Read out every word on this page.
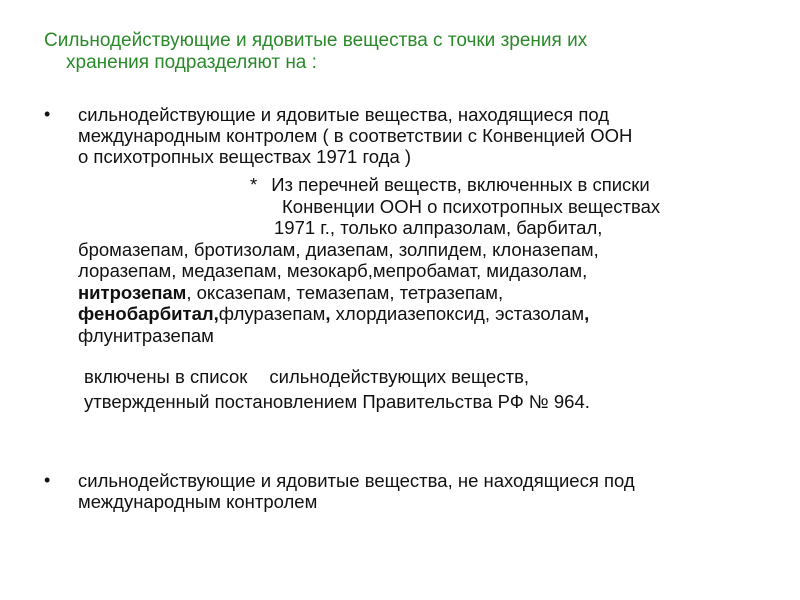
Сильнодействующие и ядовитые вещества с точки зрения их
хранения подразделяют на :
• сильнодействующие и ядовитые вещества, находящиеся под
международным контролем ( в соответствии с Конвенцией ООН
о психотропных веществах 1971 года )
* Из перечней веществ, включенных в списки
Конвенции ООН о психотропных веществах
1971 г., только алпразолам, барбитал,
бромазепам, бротизолам, диазепам, золпидем, клоназепам,
лоразепам, медазепам, мезокарб,мепробамат, мидазолам,
нитрозепам, оксазепам, темазепам, тетразепам,
фенобарбитал,флуразепам, хлордиазепоксид, эстазолам,
флунитразепам
включены в список сильнодействующих веществ,
утвержденный постановлением Правительства РФ № 964.
• сильнодействующие и ядовитые вещества, не находящиеся под
международным контролем
